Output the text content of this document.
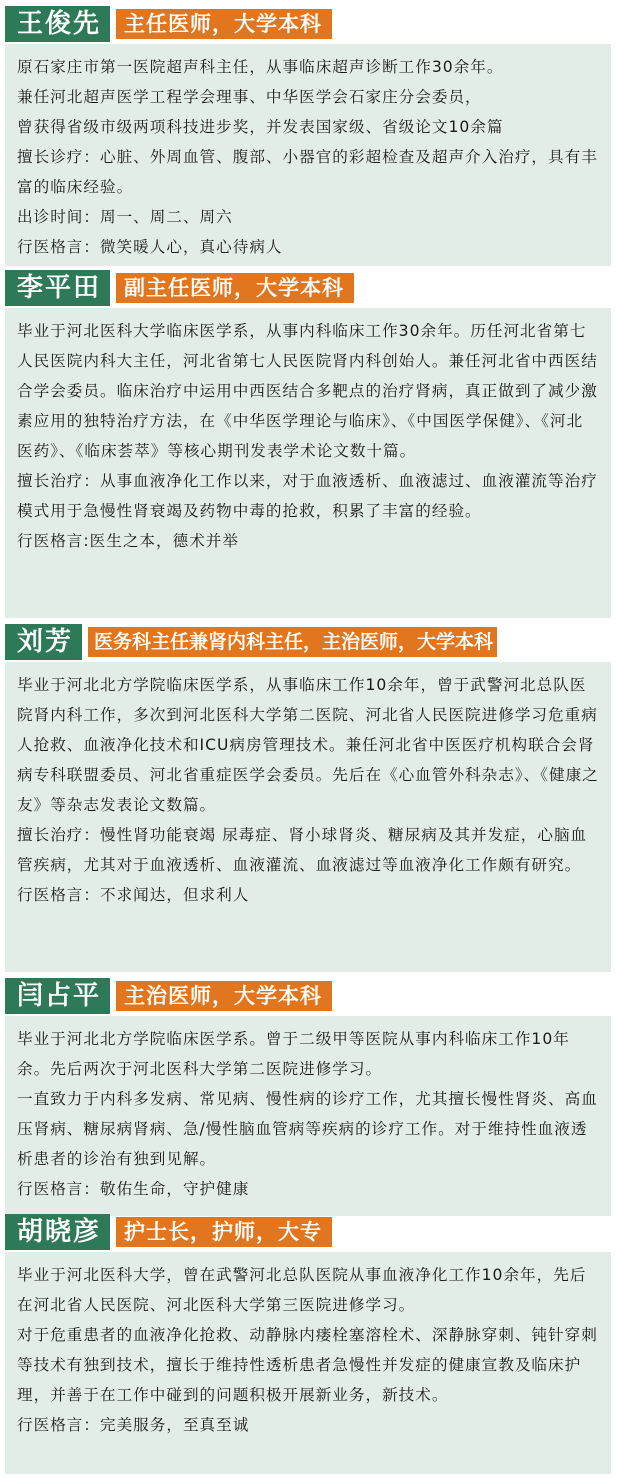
王俊先	主任医师，大学本科

原石家庄市第一医院超声科主任，从事临床超声诊断工作30余年。

兼任河北超声医学工程学会理事、中华医学会石家庄分会委员，

曾获得省级市级两项科技进步奖，并发表国家级、省级论文10余篇

擅长诊疗：心脏、外周血管、腹部、小器官的彩超检查及超声介入治疗，具有丰富的临床经验。

出诊时间：周一、周二、周六

行医格言：微笑暖人心，真心待病人

李平田	副主任医师，大学本科

毕业于河北医科大学临床医学系，从事内科临床工作30余年。历任河北省第七人民医院内科大主任，河北省第七人民医院肾内科创始人。兼任河北省中西医结合学会委员。临床治疗中运用中西医结合多靶点的治疗肾病，真正做到了减少激素应用的独特治疗方法，在《中华医学理论与临床》、《中国医学保健》、《河北医药》、《临床荟萃》等核心期刊发表学术论文数十篇。

擅长治疗：从事血液净化工作以来，对于血液透析、血液滤过、血液灌流等治疗模式用于急慢性肾衰竭及药物中毒的抢救，积累了丰富的经验。

行医格言:医生之本，德术并举

刘芳	医务科主任兼肾内科主任，主治医师，大学本科

毕业于河北北方学院临床医学系，从事临床工作10余年，曾于武警河北总队医院肾内科工作，多次到河北医科大学第二医院、河北省人民医院进修学习危重病人抢救、血液净化技术和ICU病房管理技术。兼任河北省中医医疗机构联合会肾病专科联盟委员、河北省重症医学会委员。先后在《心血管外科杂志》、《健康之友》等杂志发表论文数篇。

擅长治疗：慢性肾功能衰竭 尿毒症、肾小球肾炎、糖尿病及其并发症，心脑血管疾病，尤其对于血液透析、血液灌流、血液滤过等血液净化工作颇有研究。

行医格言：不求闻达，但求利人

闫占平	主治医师，大学本科

毕业于河北北方学院临床医学系。曾于二级甲等医院从事内科临床工作10年余。先后两次于河北医科大学第二医院进修学习。

一直致力于内科多发病、常见病、慢性病的诊疗工作，尤其擅长慢性肾炎、高血压肾病、糖尿病肾病、急/慢性脑血管病等疾病的诊疗工作。对于维持性血液透析患者的诊治有独到见解。

行医格言：敬佑生命，守护健康

胡晓彦	护士长，护师，大专

毕业于河北医科大学，曾在武警河北总队医院从事血液净化工作10余年，先后在河北省人民医院、河北医科大学第三医院进修学习。

对于危重患者的血液净化抢救、动静脉内瘘栓塞溶栓术、深静脉穿刺、钝针穿刺等技术有独到技术，擅长于维持性透析患者急慢性并发症的健康宣教及临床护理，并善于在工作中碰到的问题积极开展新业务，新技术。

行医格言：完美服务，至真至诚
